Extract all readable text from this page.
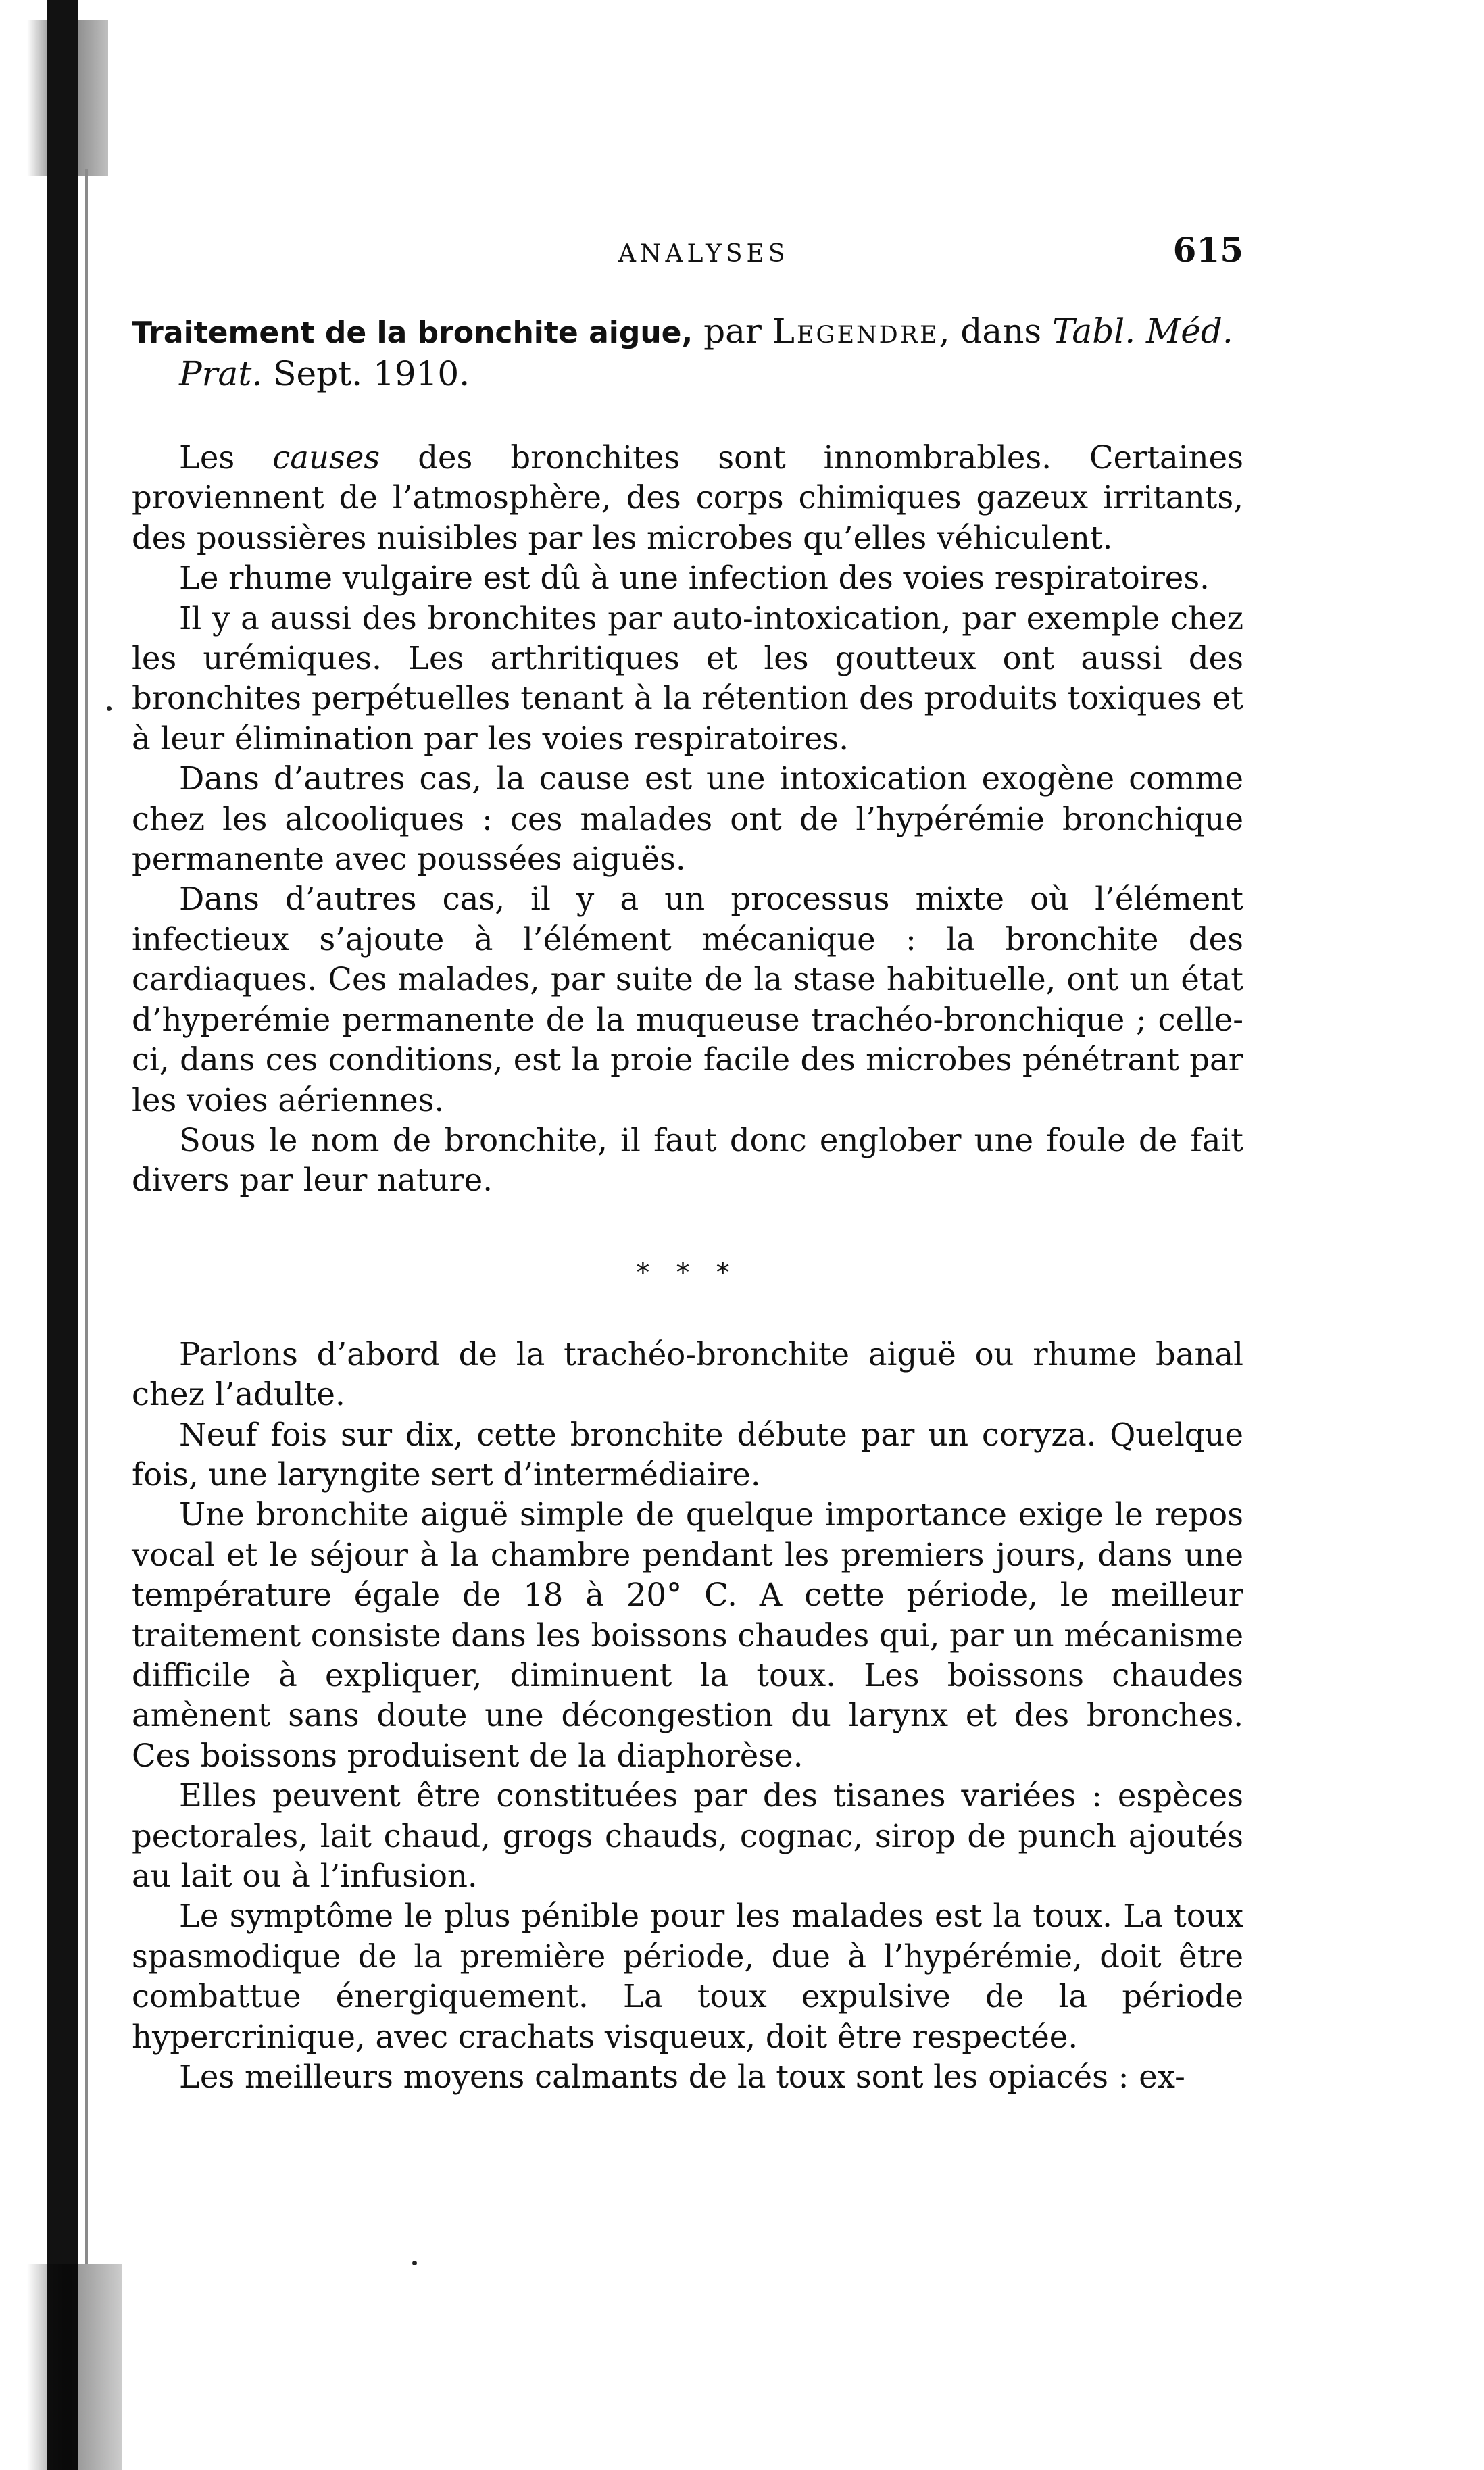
ANALYSES	615
Traitement de la bronchite aigue, par Legendre, dans Tabl. Méd. Prat. Sept. 1910.

Les causes des bronchites sont innombrables. Certaines proviennent de l’atmosphère, des corps chimiques gazeux irritants, des poussières nuisibles par les microbes qu’elles véhiculent.

Le rhume vulgaire est dû à une infection des voies respiratoires.

Il y a aussi des bronchites par auto-intoxication, par exemple chez les urémiques. Les arthritiques et les goutteux ont aussi des bronchites perpétuelles tenant à la rétention des produits toxiques et à leur élimination par les voies respiratoires.

Dans d’autres cas, la cause est une intoxication exogène comme chez les alcooliques : ces malades ont de l’hypérémie bronchique permanente avec poussées aiguës.

Dans d’autres cas, il y a un processus mixte où l’élément infectieux s’ajoute à l’élément mécanique : la bronchite des cardiaques. Ces malades, par suite de la stase habituelle, ont un état d’hyperémie permanente de la muqueuse trachéo-bronchique ; celle-ci, dans ces conditions, est la proie facile des microbes pénétrant par les voies aériennes.

Sous le nom de bronchite, il faut donc englober une foule de fait divers par leur nature.

* * *

Parlons d’abord de la trachéo-bronchite aiguë ou rhume banal chez l’adulte.

Neuf fois sur dix, cette bronchite débute par un coryza. Quelque fois, une laryngite sert d’intermédiaire.

Une bronchite aiguë simple de quelque importance exige le repos vocal et le séjour à la chambre pendant les premiers jours, dans une température égale de 18 à 20° C. A cette période, le meilleur traitement consiste dans les boissons chaudes qui, par un mécanisme difficile à expliquer, diminuent la toux. Les boissons chaudes amènent sans doute une décongestion du larynx et des bronches. Ces boissons produisent de la diaphorèse.

Elles peuvent être constituées par des tisanes variées : espèces pectorales, lait chaud, grogs chauds, cognac, sirop de punch ajoutés au lait ou à l’infusion.

Le symptôme le plus pénible pour les malades est la toux. La toux spasmodique de la première période, due à l’hypérémie, doit être combattue énergiquement. La toux expulsive de la période hypercrinique, avec crachats visqueux, doit être respectée.

Les meilleurs moyens calmants de la toux sont les opiacés : ex-
